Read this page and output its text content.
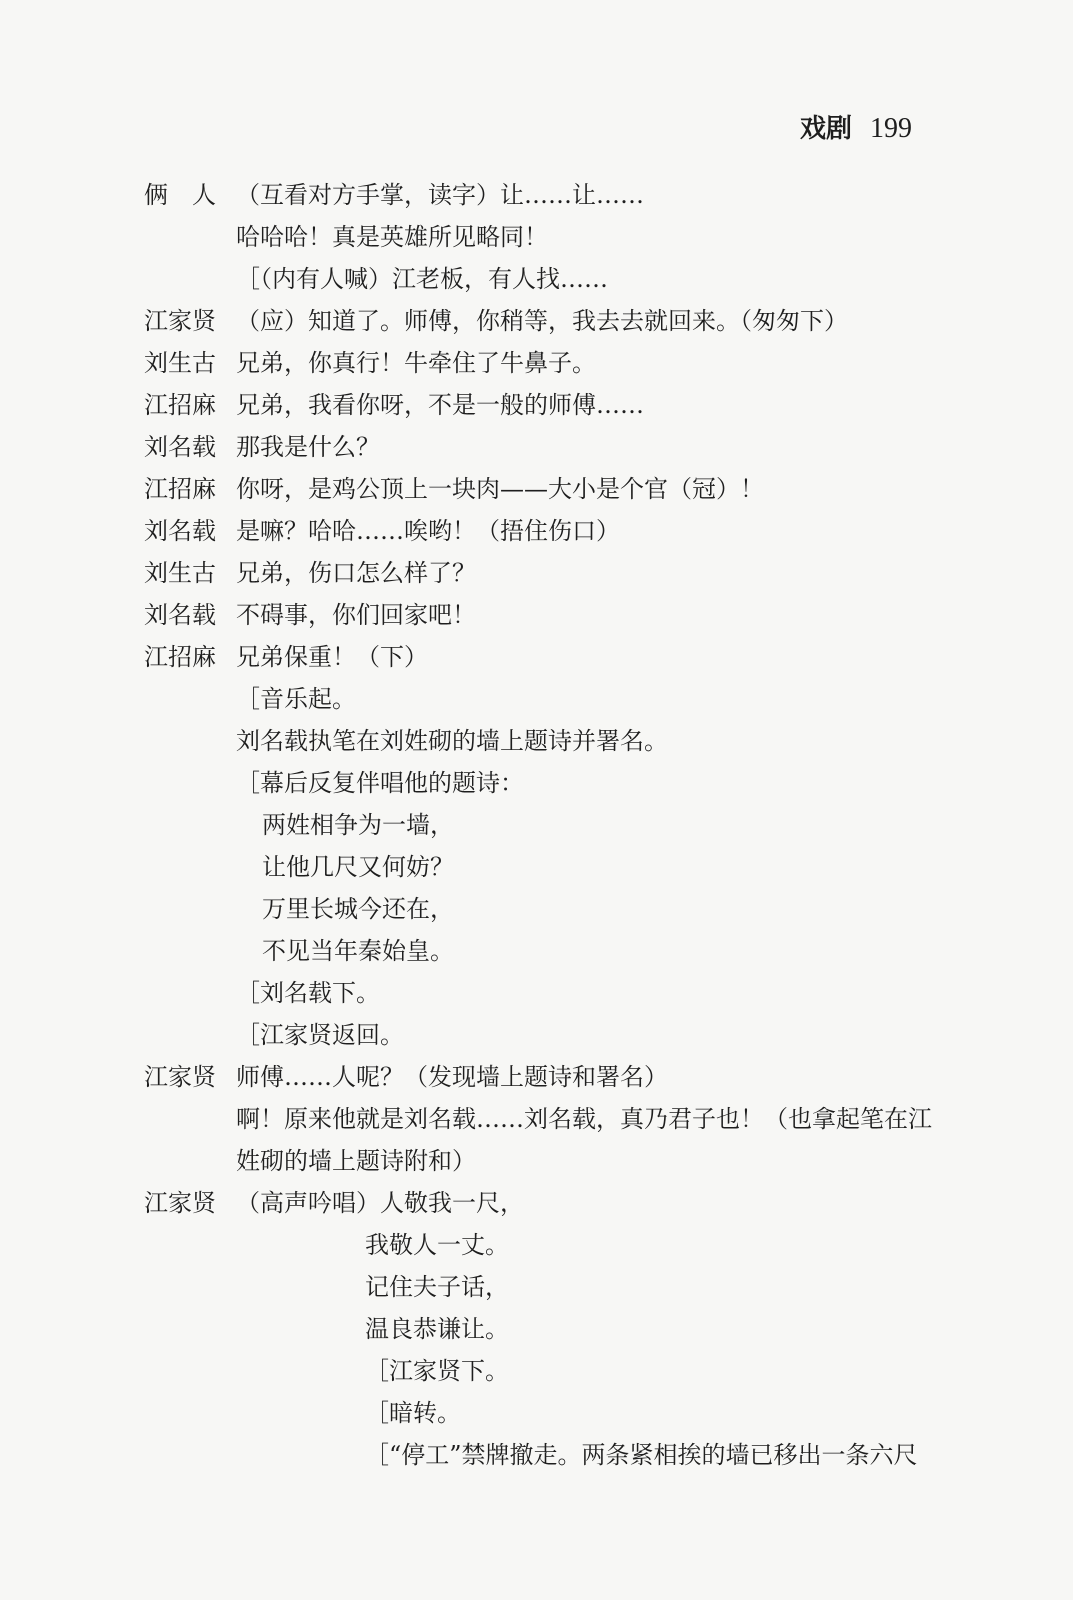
戏剧 199
俩　人 （互看对方手掌，读字）让……让……
哈哈哈！真是英雄所见略同！
［（内有人喊）江老板，有人找……
江家贤 （应）知道了。师傅，你稍等，我去去就回来。（匆匆下）
刘生古 兄弟，你真行！牛牵住了牛鼻子。
江招麻 兄弟，我看你呀，不是一般的师傅……
刘名载 那我是什么？
江招麻 你呀，是鸡公顶上一块肉——大小是个官（冠）！
刘名载 是嘛？哈哈……唉哟！（捂住伤口）
刘生古 兄弟，伤口怎么样了？
刘名载 不碍事，你们回家吧！
江招麻 兄弟保重！（下）
［音乐起。
刘名载执笔在刘姓砌的墙上题诗并署名。
［幕后反复伴唱他的题诗：
两姓相争为一墙，
让他几尺又何妨？
万里长城今还在，
不见当年秦始皇。
［刘名载下。
［江家贤返回。
江家贤 师傅……人呢？（发现墙上题诗和署名）
啊！原来他就是刘名载……刘名载，真乃君子也！（也拿起笔在江
姓砌的墙上题诗附和）
江家贤 （高声吟唱）人敬我一尺，
我敬人一丈。
记住夫子话，
温良恭谦让。
［江家贤下。
［暗转。
［“停工”禁牌撤走。两条紧相挨的墙已移出一条六尺
